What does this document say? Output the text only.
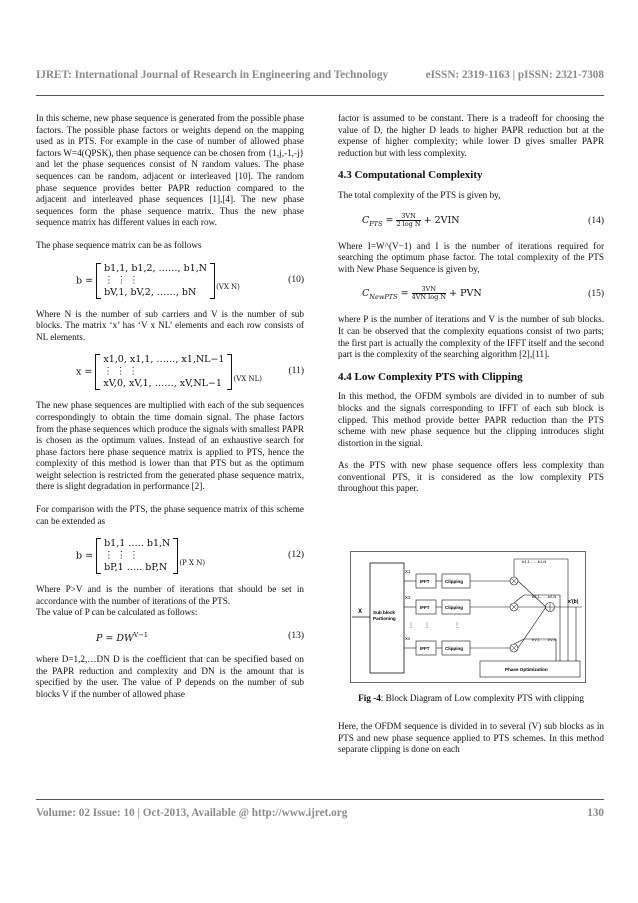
IJRET: International Journal of Research in Engineering and Technology	eISSN: 2319-1163 | pISSN: 2321-7308

In this scheme, new phase sequence is generated from the possible phase factors. The possible phase factors or weights depend on the mapping used as in PTS. For example in the case of number of allowed phase factors W=4(QPSK), then phase sequence can be chosen from {1,j,-1,-j} and let the phase sequences consist of N random values. The phase sequences can be random, adjacent or interleaved [10]. The random phase sequence provides better PAPR reduction compared to the adjacent and interleaved phase sequences [1],[4]. The new phase sequences form the phase sequence matrix. Thus the new phase sequence matrix has different values in each row.

The phase sequence matrix can be as follows

b =
b1,1, b1,2, ……, b1,N
⋮ ⋮ ⋮
bV,1, bV,2, ……, bN	$_{(VX N)}$
(10)

Where N is the number of sub carriers and V is the number of sub blocks. The matrix ‘x’ has ‘V x NL’ elements and each row consists of NL elements.

x =
x1,0, x1,1, ……, x1,NL−1
⋮ ⋮ ⋮
xV,0, xV,1, ……, xV,NL−1	$_{(VX NL)}$
(11)

The new phase sequences are multiplied with each of the sub sequences correspondingly to obtain the time domain signal. The phase factors from the phase sequences which produce the signals with smallest PAPR is chosen as the optimum values. Instead of an exhaustive search for phase factors here phase sequence matrix is applied to PTS, hence the complexity of this method is lower than that PTS but as the optimum weight selection is restricted from the generated phase sequence matrix, there is slight degradation in performance [2].

For comparison with the PTS, the phase sequence matrix of this scheme can be extended as

b =
b1,1 ….. b1,N
⋮ ⋮ ⋮
bP,1 ….. bP,N	$_{(P X N)}$
(12)

Where P>V and is the number of iterations that should be set in accordance with the number of iterations of the PTS.

The value of P can be calculated as follows:

$P = DW^{V-1}$	(13)

where D=1,2,…DN D is the coefficient that can be specified based on the PAPR reduction and complexity and DN is the amount that is specified by the user. The value of P depends on the number of sub blocks V if the number of allowed phase

factor is assumed to be constant. There is a tradeoff for choosing the value of D, the higher D leads to higher PAPR reduction but at the expense of higher complexity; while lower D gives smaller PAPR reduction but with less complexity.

4.3 Computational Complexity

The total complexity of the PTS is given by,

$C_{PTS} = \frac{3VN}{\text{2 log N}} + 2VIN$	(14)

Where I=W^(V−1) and I is the number of iterations required for searching the optimum phase factor. The total complexity of the PTS with New Phase Sequence is given by,

$C_{NewPTS} = \frac{3VN}{\text{4VN log N}}$ + PVN	(15)

where P is the number of iterations and V is the number of sub blocks. It can be observed that the complexity equations consist of two parts; the first part is actually the complexity of the IFFT itself and the second part is the complexity of the searching algorithm [2],[11].

4.4 Low Complexity PTS with Clipping

In this method, the OFDM symbols are divided in to number of sub blocks and the signals corresponding to IFFT of each sub block is clipped. This method provide better PAPR reduction than the PTS scheme with new phase sequence but the clipping introduces slight distortion in the signal.

As the PTS with new phase sequence offers less complexity than conventional PTS, it is considered as the low complexity PTS throughout this paper.

X Sub block
Partioning
X1
IFFT	Clipping
X2
IFFT	Clipping
⋮ ⋮	⋮
Xv
IFFT	Clipping
b1,1……b1,N
b2,1……b2,N
bV,1……bV,N
x'(b)
Phase Optimization
Fig -4: Block Diagram of Low complexity PTS with clipping

Here, the OFDM sequence is divided in to several (V) sub blocks as in PTS and new phase sequence applied to PTS schemes. In this method separate clipping is done on each

Volume: 02 Issue: 10 | Oct-2013, Available @ http://www.ijret.org	130
